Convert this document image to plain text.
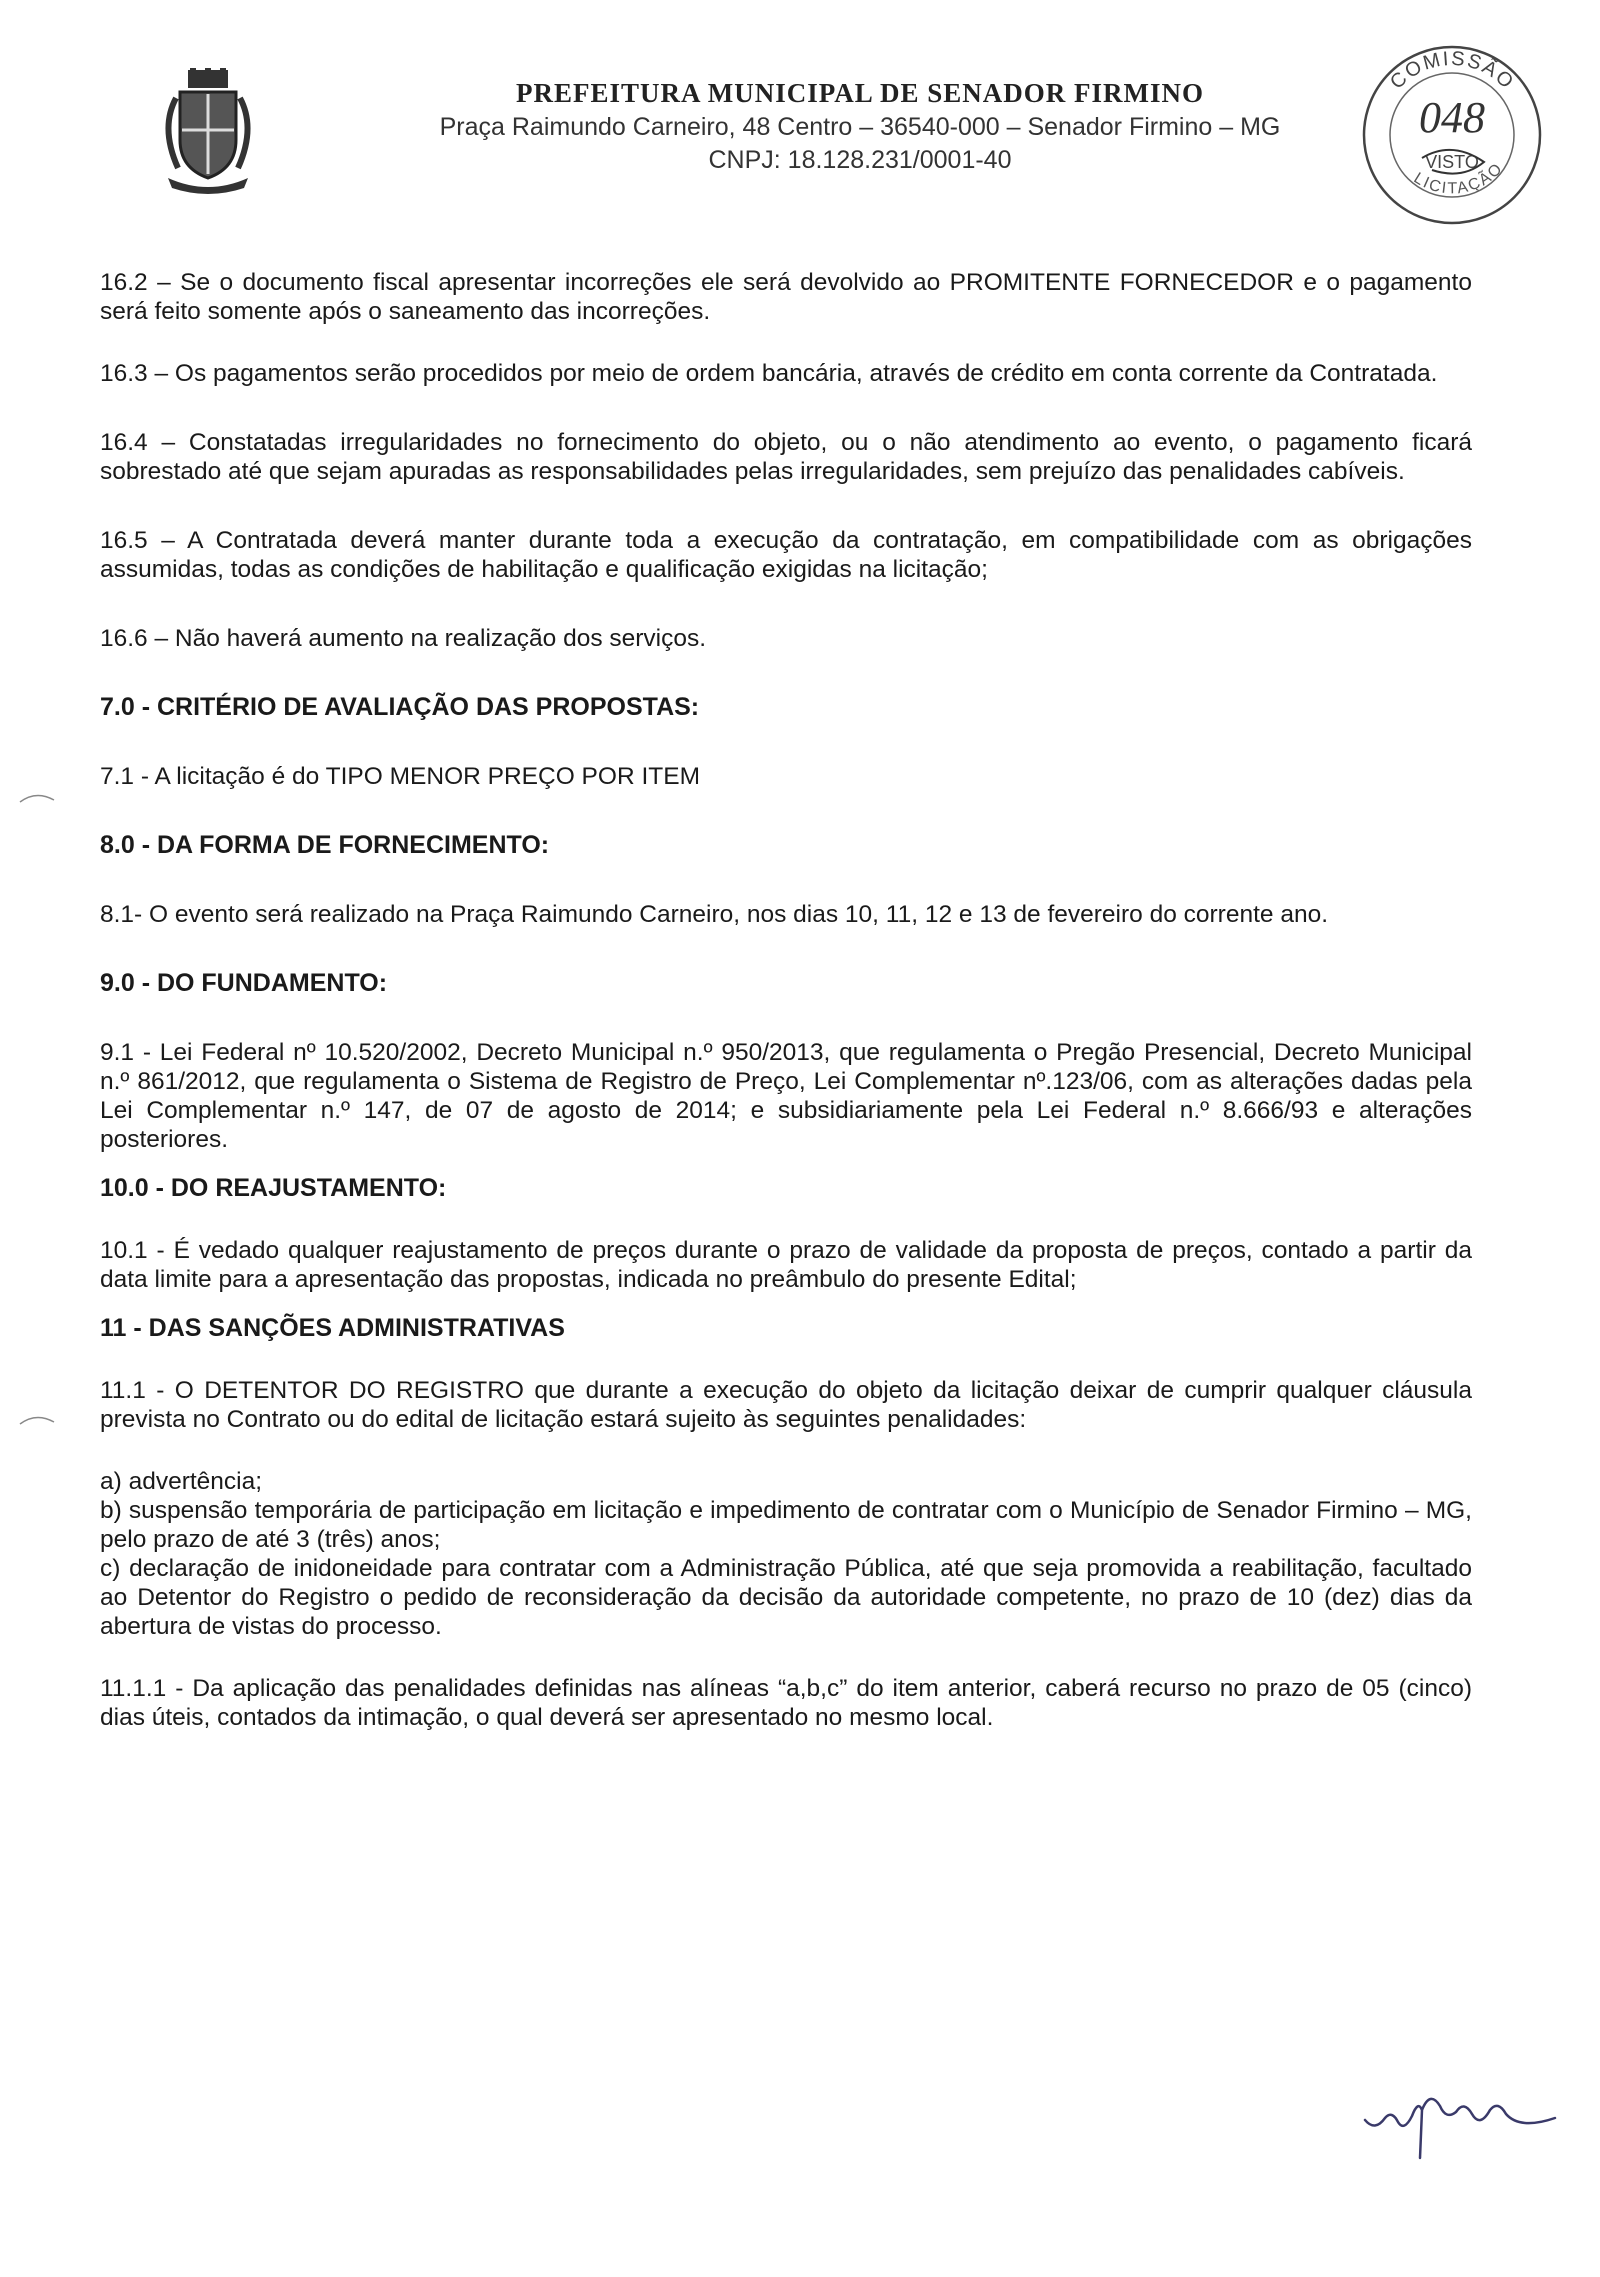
PREFEITURA MUNICIPAL DE SENADOR FIRMINO
Praça Raimundo Carneiro, 48 Centro – 36540-000 – Senador Firmino – MG
CNPJ: 18.128.231/0001-40
COMISSÃO
LICITAÇÃO
048
VISTO

16.2 – Se o documento fiscal apresentar incorreções ele será devolvido ao PROMITENTE FORNECEDOR e o pagamento será feito somente após o saneamento das incorreções.

16.3 – Os pagamentos serão procedidos por meio de ordem bancária, através de crédito em conta corrente da Contratada.

16.4 – Constatadas irregularidades no fornecimento do objeto, ou o não atendimento ao evento, o pagamento ficará sobrestado até que sejam apuradas as responsabilidades pelas irregularidades, sem prejuízo das penalidades cabíveis.

16.5 – A Contratada deverá manter durante toda a execução da contratação, em compatibilidade com as obrigações assumidas, todas as condições de habilitação e qualificação exigidas na licitação;

16.6 – Não haverá aumento na realização dos serviços.

7.0 - CRITÉRIO DE AVALIAÇÃO DAS PROPOSTAS:

7.1 - A licitação é do TIPO MENOR PREÇO POR ITEM

8.0 - DA FORMA DE FORNECIMENTO:

8.1- O evento será realizado na Praça Raimundo Carneiro, nos dias 10, 11, 12 e 13 de fevereiro do corrente ano.

9.0 - DO FUNDAMENTO:

9.1 - Lei Federal nº 10.520/2002, Decreto Municipal n.º 950/2013, que regulamenta o Pregão Presencial, Decreto Municipal n.º 861/2012, que regulamenta o Sistema de Registro de Preço, Lei Complementar nº.123/06, com as alterações dadas pela Lei Complementar n.º 147, de 07 de agosto de 2014; e subsidiariamente pela Lei Federal n.º 8.666/93 e alterações posteriores.

10.0 - DO REAJUSTAMENTO:

10.1 - É vedado qualquer reajustamento de preços durante o prazo de validade da proposta de preços, contado a partir da data limite para a apresentação das propostas, indicada no preâmbulo do presente Edital;

11 - DAS SANÇÕES ADMINISTRATIVAS

11.1 - O DETENTOR DO REGISTRO que durante a execução do objeto da licitação deixar de cumprir qualquer cláusula prevista no Contrato ou do edital de licitação estará sujeito às seguintes penalidades:

a) advertência;

b) suspensão temporária de participação em licitação e impedimento de contratar com o Município de Senador Firmino – MG, pelo prazo de até 3 (três) anos;

c) declaração de inidoneidade para contratar com a Administração Pública, até que seja promovida a reabilitação, facultado ao Detentor do Registro o pedido de reconsideração da decisão da autoridade competente, no prazo de 10 (dez) dias da abertura de vistas do processo.

11.1.1 - Da aplicação das penalidades definidas nas alíneas “a,b,c” do item anterior, caberá recurso no prazo de 05 (cinco) dias úteis, contados da intimação, o qual deverá ser apresentado no mesmo local.
